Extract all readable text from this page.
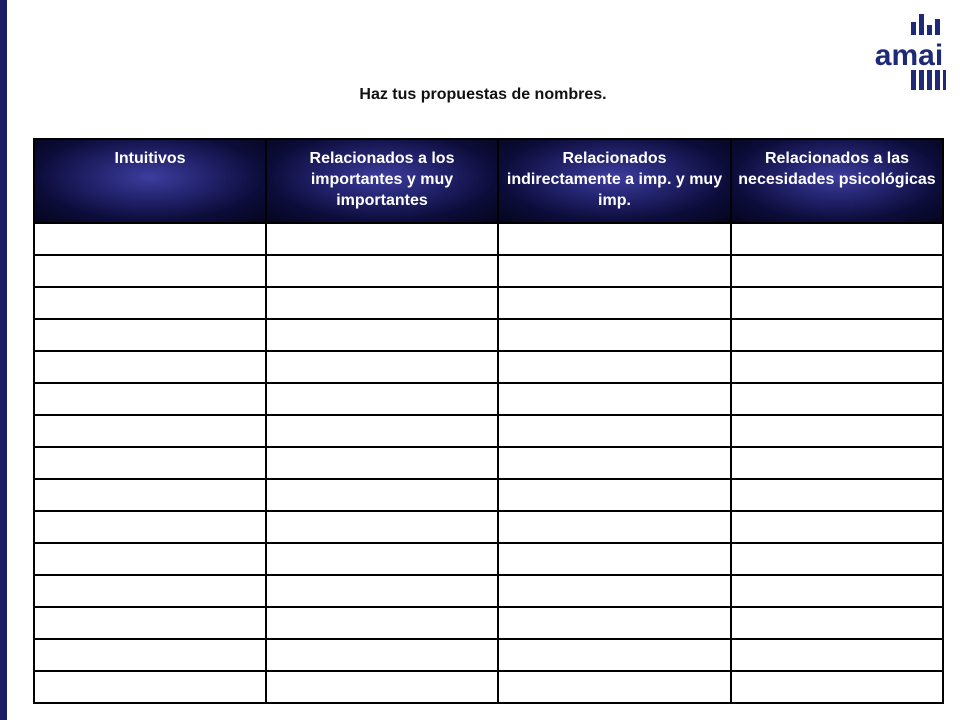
amai
Haz tus propuestas de nombres.
Intuitivos	Relacionados a los importantes y muy importantes	Relacionados indirectamente a imp. y muy imp.	Relacionados a las necesidades psicológicas
